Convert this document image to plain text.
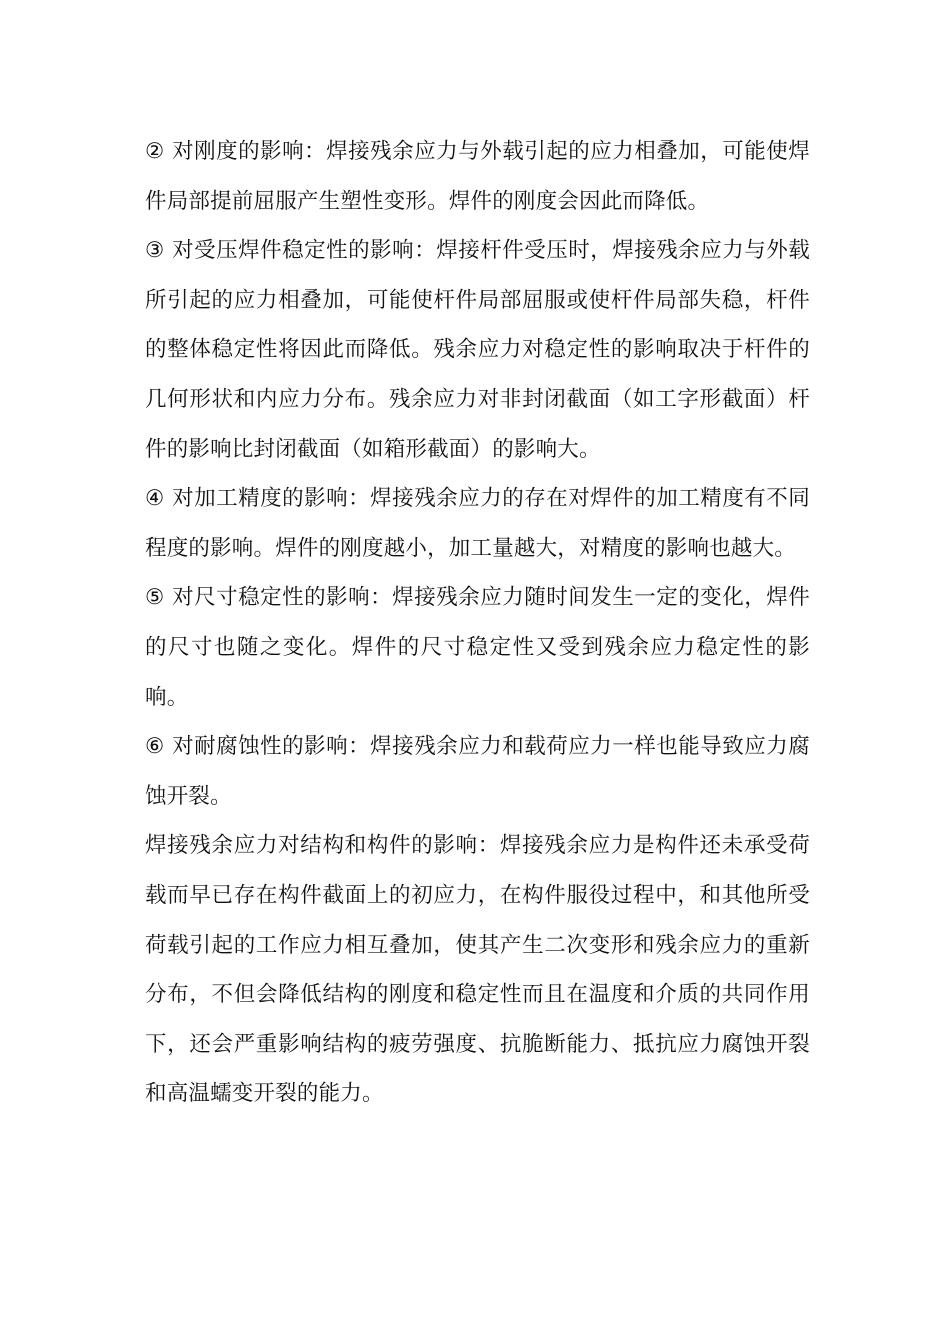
② 对刚度的影响：焊接残余应力与外载引起的应力相叠加，可能使焊件局部提前屈服产生塑性变形。焊件的刚度会因此而降低。

③ 对受压焊件稳定性的影响：焊接杆件受压时，焊接残余应力与外载所引起的应力相叠加，可能使杆件局部屈服或使杆件局部失稳，杆件的整体稳定性将因此而降低。残余应力对稳定性的影响取决于杆件的几何形状和内应力分布。残余应力对非封闭截面（如工字形截面）杆件的影响比封闭截面（如箱形截面）的影响大。

④ 对加工精度的影响：焊接残余应力的存在对焊件的加工精度有不同程度的影响。焊件的刚度越小，加工量越大，对精度的影响也越大。

⑤ 对尺寸稳定性的影响：焊接残余应力随时间发生一定的变化，焊件的尺寸也随之变化。焊件的尺寸稳定性又受到残余应力稳定性的影响。

⑥ 对耐腐蚀性的影响：焊接残余应力和载荷应力一样也能导致应力腐蚀开裂。

焊接残余应力对结构和构件的影响：焊接残余应力是构件还未承受荷载而早已存在构件截面上的初应力，在构件服役过程中，和其他所受荷载引起的工作应力相互叠加，使其产生二次变形和残余应力的重新分布，不但会降低结构的刚度和稳定性而且在温度和介质的共同作用下，还会严重影响结构的疲劳强度、抗脆断能力、抵抗应力腐蚀开裂和高温蠕变开裂的能力。
